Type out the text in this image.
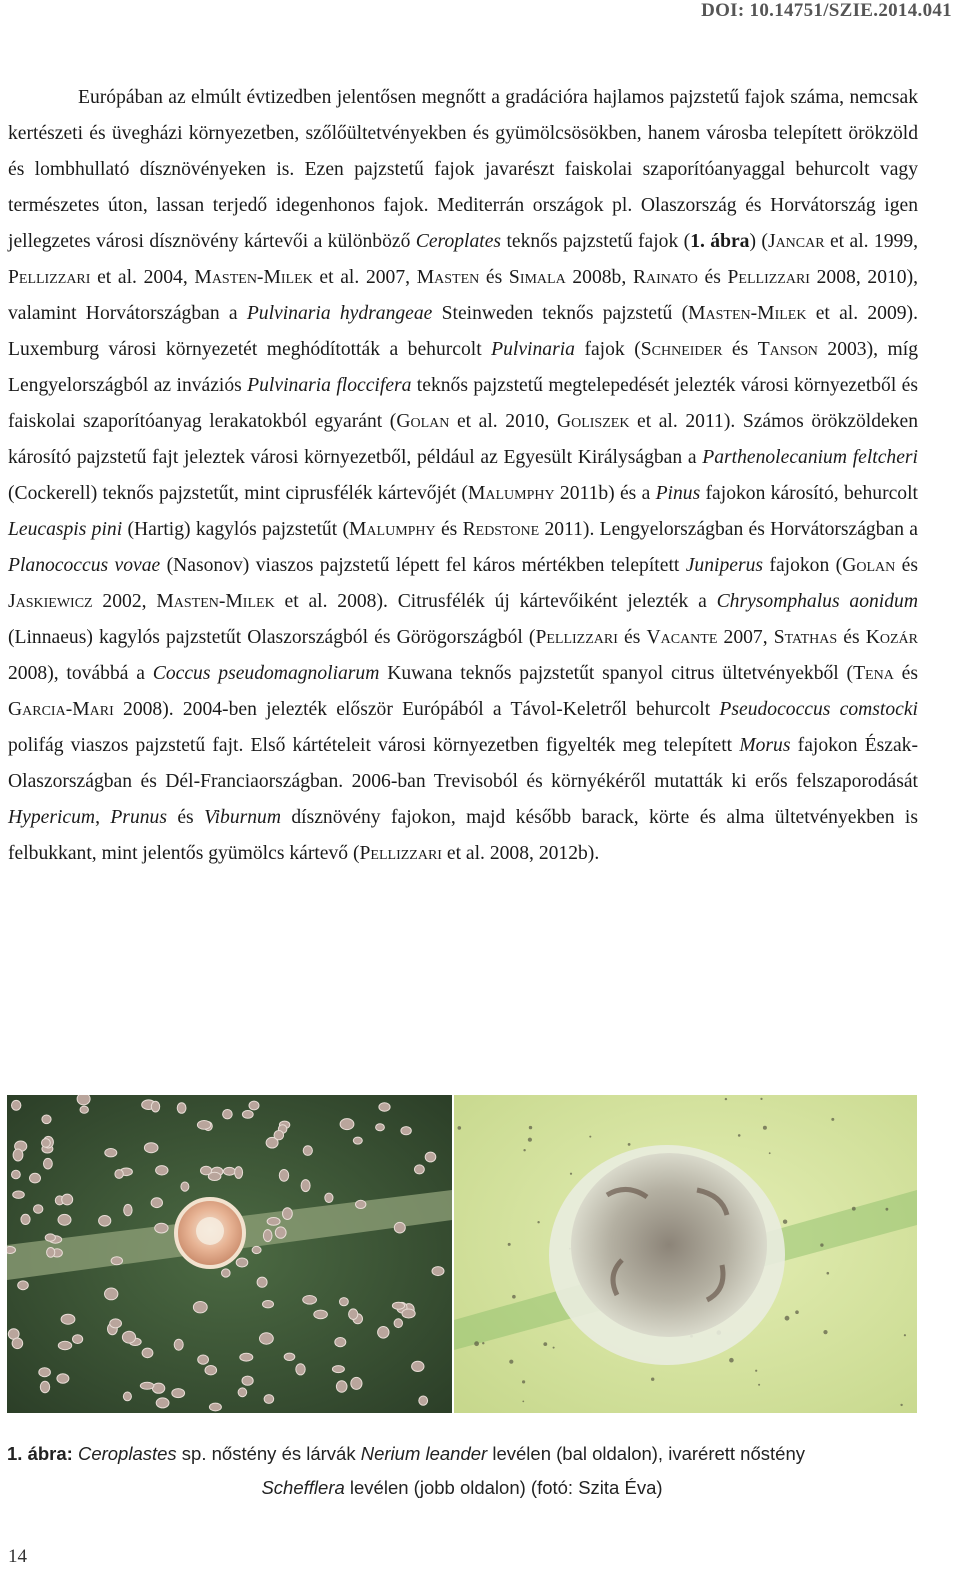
DOI: 10.14751/SZIE.2014.041

Európában az elmúlt évtizedben jelentősen megnőtt a gradációra hajlamos pajzstetű fajok száma, nemcsak kertészeti és üvegházi környezetben, szőlőültetvényekben és gyümölcsösökben, hanem városba telepített örökzöld és lombhullató dísznövényeken is. Ezen pajzstetű fajok javarészt faiskolai szaporítóanyaggal behurcolt vagy természetes úton, lassan terjedő idegenhonos fajok. Mediterrán országok pl. Olaszország és Horvátország igen jellegzetes városi dísznövény kártevői a különböző Ceroplates teknős pajzstetű fajok (1. ábra) (Jancar et al. 1999, Pellizzari et al. 2004, Masten-Milek et al. 2007, Masten és Simala 2008b, Rainato és Pellizzari 2008, 2010), valamint Horvátországban a Pulvinaria hydrangeae Steinweden teknős pajzstetű (Masten-Milek et al. 2009). Luxemburg városi környezetét meghódították a behurcolt Pulvinaria fajok (Schneider és Tanson 2003), míg Lengyelországból az inváziós Pulvinaria floccifera teknős pajzstetű megtelepedését jelezték városi környezetből és faiskolai szaporítóanyag lerakatokból egyaránt (Golan et al. 2010, Goliszek et al. 2011). Számos örökzöldeken károsító pajzstetű fajt jeleztek városi környezetből, például az Egyesült Királyságban a Parthenolecanium feltcheri (Cockerell) teknős pajzstetűt, mint ciprusfélék kártevőjét (Malumphy 2011b) és a Pinus fajokon károsító, behurcolt Leucaspis pini (Hartig) kagylós pajzstetűt (Malumphy és Redstone 2011). Lengyelországban és Horvátországban a Planococcus vovae (Nasonov) viaszos pajzstetű lépett fel káros mértékben telepített Juniperus fajokon (Golan és Jaskiewicz 2002, Masten-Milek et al. 2008). Citrusfélék új kártevőiként jelezték a Chrysomphalus aonidum (Linnaeus) kagylós pajzstetűt Olaszországból és Görögországból (Pellizzari és Vacante 2007, Stathas és Kozár 2008), továbbá a Coccus pseudomagnoliarum Kuwana teknős pajzstetűt spanyol citrus ültetvényekből (Tena és Garcia-Mari 2008). 2004-ben jelezték először Európából a Távol-Keletről behurcolt Pseudococcus comstocki polifág viaszos pajzstetű fajt. Első kártételeit városi környezetben figyelték meg telepített Morus fajokon Észak-Olaszországban és Dél-Franciaországban. 2006-ban Trevisoból és környékéről mutatták ki erős felszaporodását Hypericum, Prunus és Viburnum dísznövény fajokon, majd később barack, körte és alma ültetvényekben is felbukkant, mint jelentős gyümölcs kártevő (Pellizzari et al. 2008, 2012b).

1. ábra: Ceroplastes sp. nőstény és lárvák Nerium leander levélen (bal oldalon), ivarérett nőstény
Schefflera levélen (jobb oldalon) (fotó: Szita Éva)
14
